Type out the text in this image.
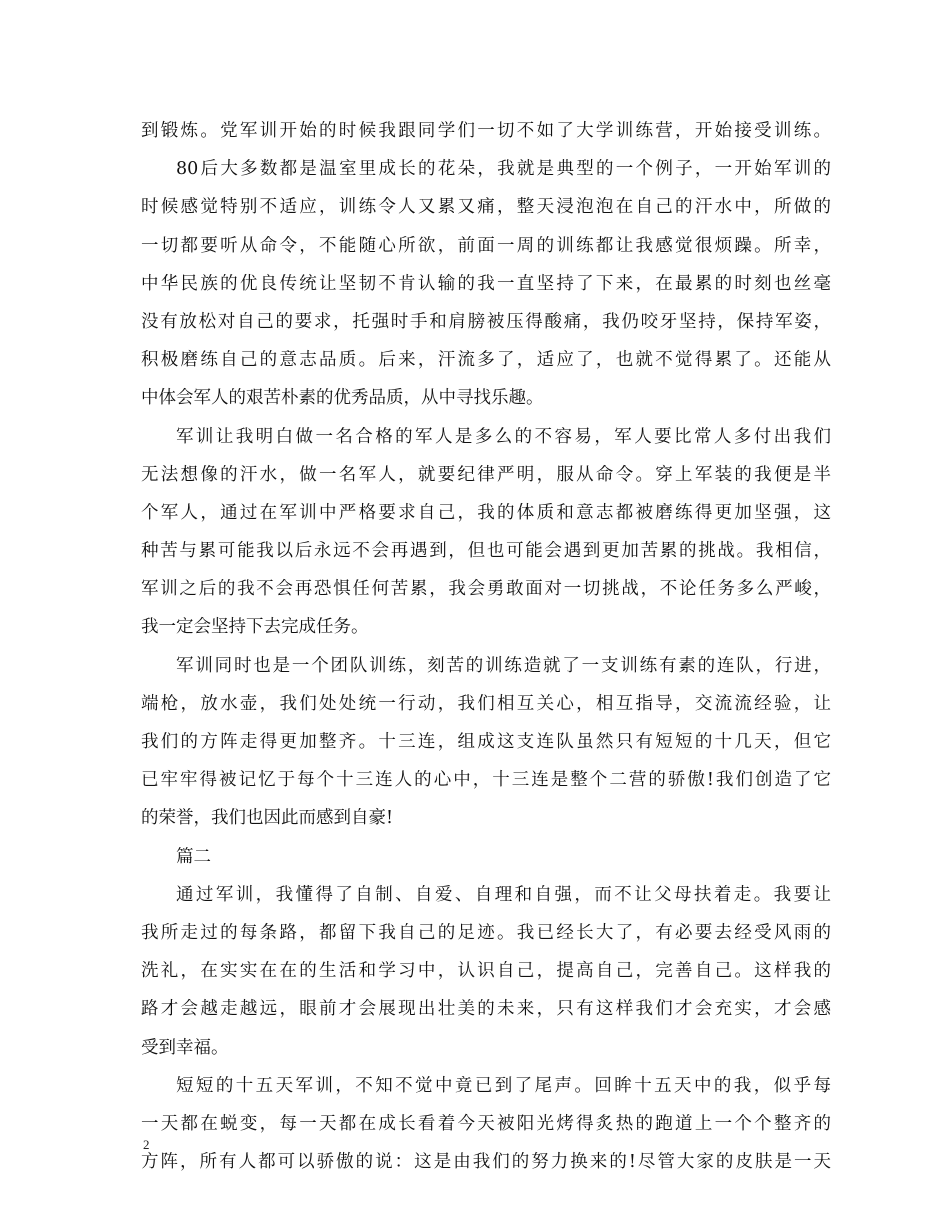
到锻炼。党军训开始的时候我跟同学们一切不如了大学训练营，开始接受训练。
80后大多数都是温室里成长的花朵，我就是典型的一个例子，一开始军训的
时候感觉特别不适应，训练令人又累又痛，整天浸泡泡在自己的汗水中，所做的
一切都要听从命令，不能随心所欲，前面一周的训练都让我感觉很烦躁。所幸，
中华民族的优良传统让坚韧不肯认输的我一直坚持了下来，在最累的时刻也丝毫
没有放松对自己的要求，托强时手和肩膀被压得酸痛，我仍咬牙坚持，保持军姿，
积极磨练自己的意志品质。后来，汗流多了，适应了，也就不觉得累了。还能从
中体会军人的艰苦朴素的优秀品质，从中寻找乐趣。
军训让我明白做一名合格的军人是多么的不容易，军人要比常人多付出我们
无法想像的汗水，做一名军人，就要纪律严明，服从命令。穿上军装的我便是半
个军人，通过在军训中严格要求自己，我的体质和意志都被磨练得更加坚强，这
种苦与累可能我以后永远不会再遇到，但也可能会遇到更加苦累的挑战。我相信，
军训之后的我不会再恐惧任何苦累，我会勇敢面对一切挑战，不论任务多么严峻，
我一定会坚持下去完成任务。
军训同时也是一个团队训练，刻苦的训练造就了一支训练有素的连队，行进，
端枪，放水壶，我们处处统一行动，我们相互关心，相互指导，交流流经验，让
我们的方阵走得更加整齐。十三连，组成这支连队虽然只有短短的十几天，但它
已牢牢得被记忆于每个十三连人的心中，十三连是整个二营的骄傲!我们创造了它
的荣誉，我们也因此而感到自豪!
篇二
通过军训，我懂得了自制、自爱、自理和自强，而不让父母扶着走。我要让
我所走过的每条路，都留下我自己的足迹。我已经长大了，有必要去经受风雨的
洗礼，在实实在在的生活和学习中，认识自己，提高自己，完善自己。这样我的
路才会越走越远，眼前才会展现出壮美的未来，只有这样我们才会充实，才会感
受到幸福。
短短的十五天军训，不知不觉中竟已到了尾声。回眸十五天中的我，似乎每
一天都在蜕变，每一天都在成长看着今天被阳光烤得炙热的跑道上一个个整齐的
方阵，所有人都可以骄傲的说：这是由我们的努力换来的!尽管大家的皮肤是一天
2
